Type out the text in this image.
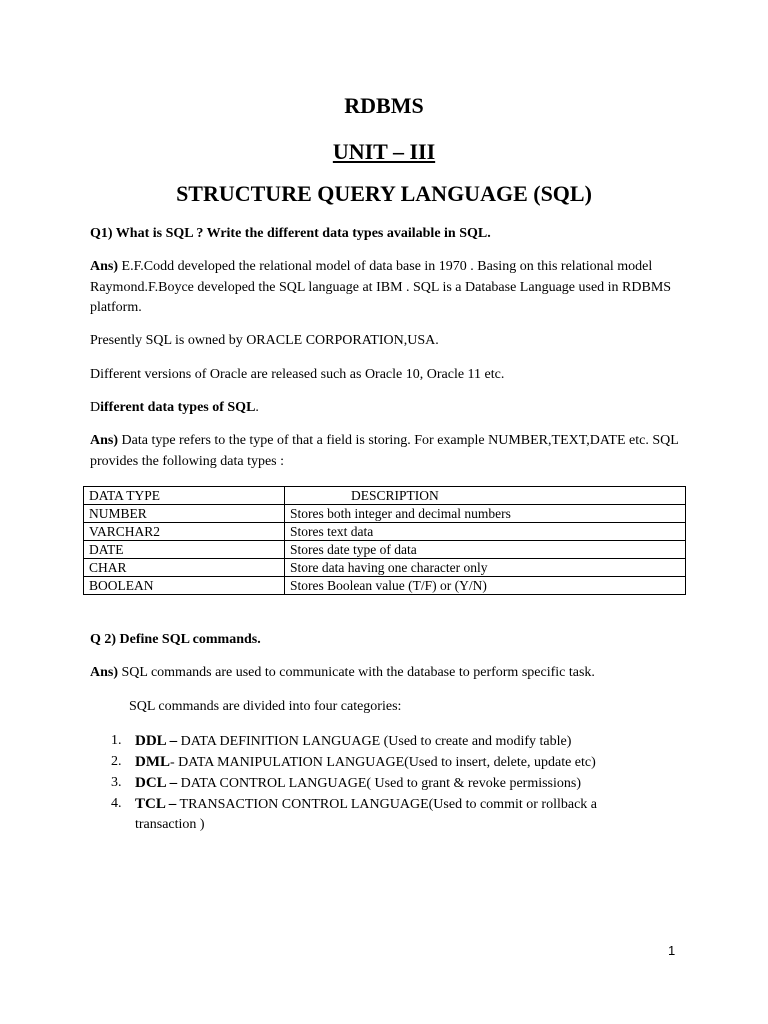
RDBMS
UNIT – III
STRUCTURE QUERY LANGUAGE (SQL)

Q1) What is SQL ? Write the different data types available in SQL.

Ans) E.F.Codd developed the relational model of data base in 1970 . Basing on this relational model Raymond.F.Boyce developed the SQL language at IBM . SQL is a Database Language used in RDBMS platform.

Presently SQL is owned by ORACLE CORPORATION,USA.

Different versions of Oracle are released such as Oracle 10, Oracle 11 etc.

Different data types of SQL.

Ans) Data type refers to the type of that a field is storing. For example NUMBER,TEXT,DATE etc. SQL provides the following data types :

DATA TYPE	DESCRIPTION
NUMBER	Stores both integer and decimal numbers
VARCHAR2	Stores text data
DATE	Stores date type of data
CHAR	Store data having one character only
BOOLEAN	Stores Boolean value (T/F) or (Y/N)

Q 2) Define SQL commands.

Ans) SQL commands are used to communicate with the database to perform specific task.

SQL commands are divided into four categories:

1. DDL – DATA DEFINITION LANGUAGE (Used to create and modify table)
2. DML- DATA MANIPULATION LANGUAGE(Used to insert, delete, update etc)
3. DCL – DATA CONTROL LANGUAGE( Used to grant & revoke permissions)
4. TCL – TRANSACTION CONTROL LANGUAGE(Used to commit or rollback a transaction )
1
